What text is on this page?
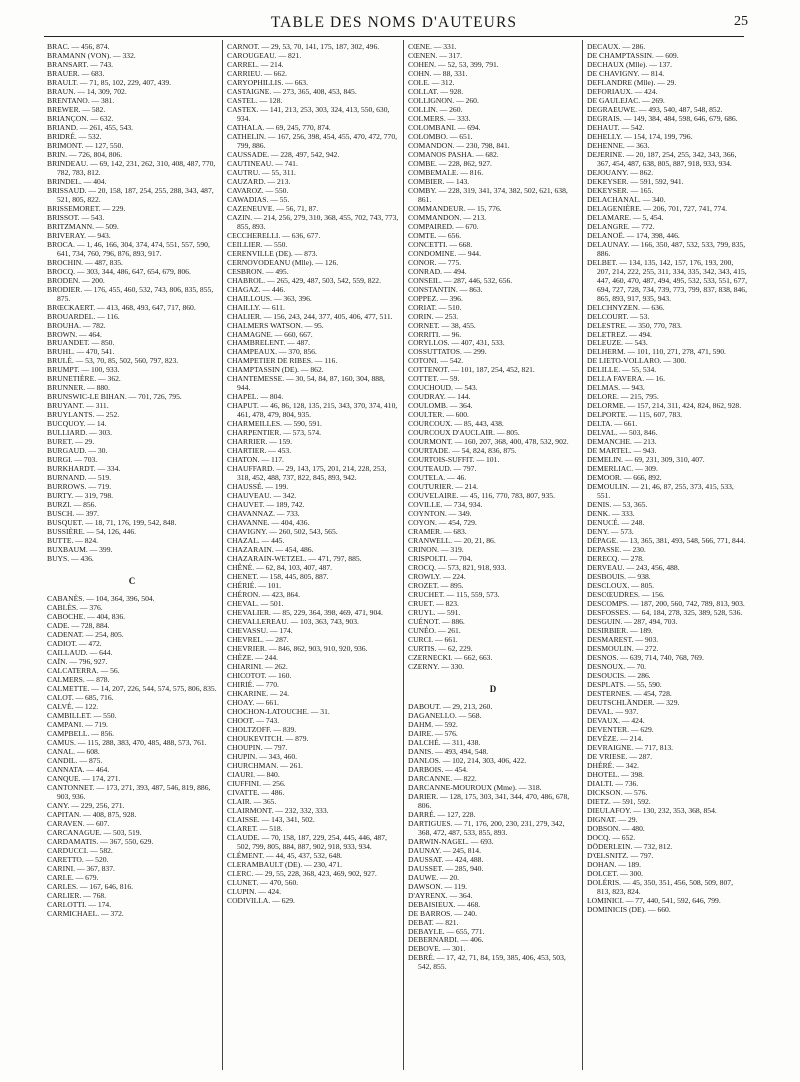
TABLE DES NOMS D'AUTEURS	25

BRAC. — 456, 874.

BRAMANN (VON). — 332.

BRANSART. — 743.

BRAUER. — 683.

BRAULT. — 71, 85, 102, 229, 407, 439.

BRAUN. — 14, 309, 702.

BRENTANO. — 381.

BREWER. — 582.

BRIANÇON. — 632.

BRIAND. — 261, 455, 543.

BRIDRÉ. — 532.

BRIMONT. — 127, 550.

BRIN. — 726, 804, 806.

BRINDEAU. — 69, 142, 231, 262, 310, 408, 487, 770, 782, 783, 812.

BRINDEL. — 404.

BRISSAUD. — 20, 158, 187, 254, 255, 288, 343, 487, 521, 805, 822.

BRISSEMORET. — 229.

BRISSOT. — 543.

BRITZMANN. — 509.

BRIVERAY. — 943.

BROCA. — 1, 46, 166, 304, 374, 474, 551, 557, 590, 641, 734, 760, 796, 876, 893, 917.

BROCHIN. — 487, 835.

BROCQ. — 303, 344, 486, 647, 654, 679, 806.

BRODEN. — 200.

BRODIER. — 176, 455, 460, 532, 743, 806, 835, 855, 875.

BRŒCKAERT. — 413, 468, 493, 647, 717, 860.

BROUARDEL. — 116.

BROUHA. — 782.

BROWN. — 464.

BRUANDET. — 850.

BRUHL. — 470, 541.

BRULÉ. — 53, 70, 85, 502, 560, 797, 823.

BRUMPT. — 100, 933.

BRUNETIÈRE. — 362.

BRUNNER. — 880.

BRUNSWIC-LE BIHAN. — 701, 726, 795.

BRUYANT. — 311.

BRUYLANTS. — 252.

BUCQUOY. — 14.

BULLIARD. — 303.

BURET. — 29.

BURGAUD. — 30.

BURGI. — 703.

BURKHARDT. — 334.

BURNAND. — 519.

BURROWS. — 719.

BURTY. — 319, 798.

BURZI. — 856.

BUSCH. — 397.

BUSQUET. — 18, 71, 176, 199, 542, 848.

BUSSIÈRE. — 54, 126, 446.

BUTTE. — 824.

BUXBAUM. — 399.

BUYS. — 436.

C

CABANÈS. — 104, 364, 396, 504.

CABLÈS. — 376.

CABOCHE. — 404, 836.

CADE. — 728, 884.

CADENAT. — 254, 805.

CADIOT. — 472.

CAILLAUD. — 644.

CAÏN. — 796, 927.

CALCATERRA. — 56.

CALMERS. — 878.

CALMETTE. — 14, 207, 226, 544, 574, 575, 806, 835.

CALOT. — 685, 716.

CALVÉ. — 122.

CAMBILLET. — 550.

CAMPANI. — 719.

CAMPBELL. — 856.

CAMUS. — 115, 288, 383, 470, 485, 488, 573, 761.

CANAL. — 608.

CANDIL. — 875.

CANNATA. — 464.

CANQUE. — 174, 271.

CANTONNET. — 173, 271, 393, 487, 546, 819, 886, 903, 936.

CANY. — 229, 256, 271.

CAPITAN. — 408, 875, 928.

CARAVEN. — 607.

CARCANAGUE. — 503, 519.

CARDAMATIS. — 367, 550, 629.

CARDUCCI. — 582.

CARETTO. — 520.

CARINI. — 367, 837.

CARLE. — 679.

CARLES. — 167, 646, 816.

CARLIER. — 768.

CARLOTTI. — 174.

CARMICHAEL. — 372.

CARNOT. — 29, 53, 70, 141, 175, 187, 302, 496.

CAROUGEAU. — 821.

CARREL. — 214.

CARRIEU. — 662.

CARYOPHILLIS. — 663.

CASTAIGNE. — 273, 365, 408, 453, 845.

CASTEL. — 128.

CASTEX. — 141, 213, 253, 303, 324, 413, 550, 630, 934.

CATHALA. — 69, 245, 770, 874.

CATHELIN. — 167, 256, 398, 454, 455, 470, 472, 770, 799, 886.

CAUSSADE. — 228, 497, 542, 942.

CAUTINEAU. — 741.

CAUTRU. — 55, 311.

CAUZARD. — 213.

CAVAROZ. — 550.

CAWADIAS. — 55.

CAZENEUVE. — 56, 71, 87.

CAZIN. — 214, 256, 279, 310, 368, 455, 702, 743, 773, 855, 893.

CECCHERELLI. — 636, 677.

CEILLIER. — 550.

CERENVILLE (DE). — 873.

CERNOVODEANU (Mlle). — 126.

CESBRON. — 495.

CHABROL. — 265, 429, 487, 503, 542, 559, 822.

CHAGAZ. — 446.

CHAILLOUS. — 363, 396.

CHAILLY. — 611.

CHALIER. — 156, 243, 244, 377, 405, 406, 477, 511.

CHALMERS WATSON. — 95.

CHAMAGNE. — 660, 667.

CHAMBRELENT. — 487.

CHAMPEAUX. — 370, 856.

CHAMPETIER DE RIBES. — 116.

CHAMPTASSIN (DE). — 862.

CHANTEMESSE. — 30, 54, 84, 87, 160, 304, 888, 944.

CHAPEL. — 804.

CHAPUT. — 46, 86, 128, 135, 215, 343, 370, 374, 410, 461, 478, 479, 804, 935.

CHARMEILLES. — 590, 591.

CHARPENTIER. — 573, 574.

CHARRIER. — 159.

CHARTIER. — 453.

CHATON. — 117.

CHAUFFARD. — 29, 143, 175, 201, 214, 228, 253, 318, 452, 488, 737, 822, 845, 893, 942.

CHAUSSÉ. — 199.

CHAUVEAU. — 342.

CHAUVET. — 189, 742.

CHAVANNAZ. — 733.

CHAVANNE. — 404, 436.

CHAVIGNY. — 260, 502, 543, 565.

CHAZAL. — 445.

CHAZARAIN. — 454, 486.

CHAZARAIN-WETZEL. — 471, 797, 885.

CHÊNÉ. — 62, 84, 103, 407, 487.

CHENET. — 158, 445, 805, 887.

CHÉRIÉ. — 101.

CHÉRON. — 423, 864.

CHEVAL. — 501.

CHEVALIER. — 85, 229, 364, 398, 469, 471, 904.

CHEVALLEREAU. — 103, 363, 743, 903.

CHEVASSU. — 174.

CHEVREL. — 287.

CHEVRIER. — 846, 862, 903, 910, 920, 936.

CHÈZE. — 244.

CHIARINI. — 262.

CHICOTOT. — 160.

CHIRIÉ. — 770.

CHKARINE. — 24.

CHOAY. — 661.

CHOCHON-LATOUCHE. — 31.

CHOOT. — 743.

CHOLTZOFF. — 839.

CHOUKEVITCH. — 879.

CHOUPIN. — 797.

CHUPIN. — 343, 460.

CHURCHMAN. — 261.

CIAURI. — 840.

CIUFFINI. — 256.

CIVATTE. — 486.

CLAIR. — 365.

CLAIRMONT. — 232, 332, 333.

CLAISSE. — 143, 341, 502.

CLARET. — 518.

CLAUDE. — 70, 158, 187, 229, 254, 445, 446, 487, 502, 799, 805, 884, 887, 902, 918, 933, 934.

CLÉMENT. — 44, 45, 437, 532, 648.

CLERAMBAULT (DE). — 230, 471.

CLERC. — 29, 55, 228, 368, 423, 469, 902, 927.

CLUNET. — 470, 560.

CLUPIN. — 424.

CODIVILLA. — 629.

CŒNE. — 331.

CŒNEN. — 317.

COHEN. — 52, 53, 399, 791.

COHN. — 88, 331.

COLE. — 312.

COLLAT. — 928.

COLLIGNON. — 260.

COLLIN. — 260.

COLMERS. — 333.

COLOMBANI. — 694.

COLOMBO. — 651.

COMANDON. — 230, 798, 841.

COMANOS PASHA. — 682.

COMBE. — 228, 862, 927.

COMBEMALE. — 816.

COMBIER. — 143.

COMBY. — 228, 319, 341, 374, 382, 502, 621, 638, 861.

COMMANDEUR. — 15, 776.

COMMANDON. — 213.

COMPAIRED. — 670.

COMTE. — 656.

CONCETTI. — 668.

CONDOMINE. — 944.

CONOR. — 775.

CONRAD. — 494.

CONSEIL. — 287, 446, 532, 656.

CONSTANTIN. — 863.

COPPEZ. — 396.

CORIAT. — 510.

CORIN. — 253.

CORNET. — 38, 455.

CORRITI. — 96.

CORYLLOS. — 407, 431, 533.

COSSUTTATOS. — 299.

COTONI. — 542.

COTTENOT. — 101, 187, 254, 452, 821.

COTTET. — 59.

COUCHOUD. — 543.

COUDRAY. — 144.

COULOMB. — 364.

COULTER. — 600.

COURCOUX. — 85, 443, 438.

COURCOUX D'AUCLAIR. — 805.

COURMONT. — 160, 207, 368, 400, 478, 532, 902.

COURTADE. — 54, 824, 836, 875.

COURTOIS-SUFFIT. — 101.

COUTEAUD. — 797.

COUTELA. — 46.

COUTURIER. — 214.

COUVELAIRE. — 45, 116, 770, 783, 807, 935.

COVILLE. — 734, 934.

COYNTON. — 349.

COYON. — 454, 729.

CRAMER. — 683.

CRANWELL. — 20, 21, 86.

CRINON. — 319.

CRISPOLTI. — 704.

CROCQ. — 573, 821, 918, 933.

CROWLY. — 224.

CROZET. — 895.

CRUCHET. — 115, 559, 573.

CRUET. — 823.

CRUYL. — 591.

CUÉNOT. — 886.

CUNÉO. — 261.

CURCI. — 661.

CURTIS. — 62, 229.

CZERNECKI. — 662, 663.

CZERNY. — 330.

D

DABOUT. — 29, 213, 260.

DAGANELLO. — 568.

DAHM. — 592.

DAIRE. — 576.

DALCHÉ. — 311, 438.

DANIS. — 493, 494, 548.

DANLOS. — 102, 214, 303, 406, 422.

DARBOIS. — 454.

DARCANNE. — 822.

DARCANNE-MOUROUX (Mme). — 318.

DARIER. — 128, 175, 303, 341, 344, 470, 486, 678, 806.

DARRÉ. — 127, 228.

DARTIGUES. — 71, 176, 200, 230, 231, 279, 342, 368, 472, 487, 533, 855, 893.

DARWIN-NAGEL. — 693.

DAUNAY. — 245, 814.

DAUSSAT. — 424, 488.

DAUSSET. — 285, 940.

DAUWE. — 20.

DAWSON. — 119.

D'AYRENX. — 364.

DEBAISIEUX. — 468.

DE BARROS. — 240.

DEBAT. — 821.

DEBAYLE. — 655, 771.

DEBERNARDI. — 406.

DEBOVE. — 301.

DEBRÉ. — 17, 42, 71, 84, 159, 385, 406, 453, 503, 542, 855.

DECAUX. — 286.

DE CHAMPTASSIN. — 609.

DECHAUX (Mlle). — 137.

DE CHAVIGNY. — 814.

DEFLANDRE (Mlle). — 29.

DEFORIAUX. — 424.

DE GAULEJAC. — 269.

DEGRAEUWE. — 493, 540, 487, 548, 852.

DEGRAIS. — 149, 384, 484, 598, 646, 679, 686.

DEHAUT. — 542.

DEHELLY. — 154, 174, 199, 796.

DEHENNE. — 363.

DEJERINE. — 20, 187, 254, 255, 342, 343, 366, 367, 454, 487, 638, 805, 887, 918, 933, 934.

DEJOUANY. — 862.

DEKEYSER. — 591, 592, 941.

DEKEYSER. — 165.

DELACHANAL. — 340.

DELAGENIÈRE. — 206, 701, 727, 741, 774.

DELAMARE. — 5, 454.

DELANGRE. — 772.

DELANOË. — 174, 398, 446.

DELAUNAY. — 166, 350, 487, 532, 533, 799, 835, 886.

DELBET. — 134, 135, 142, 157, 176, 193, 200, 207, 214, 222, 255, 311, 334, 335, 342, 343, 415, 447, 460, 470, 487, 494, 495, 532, 533, 551, 677, 694, 727, 728, 734, 739, 773, 799, 837, 838, 846, 865, 893, 917, 935, 943.

DELCHNYZEN. — 636.

DELCOURT. — 53.

DELESTRE. — 350, 770, 783.

DELETREZ. — 494.

DELEUZE. — 543.

DELHERM. — 101, 110, 271, 278, 471, 590.

DE LIETO-VOLLARO. — 300.

DELILLE. — 55, 534.

DELLA FAVERA. — 16.

DELMAS. — 943.

DELORE. — 215, 795.

DELORME. — 157, 214, 311, 424, 824, 862, 928.

DELPORTE. — 115, 607, 783.

DELTA. — 661.

DELVAL. — 503, 846.

DEMANCHE. — 213.

DE MARTEL. — 943.

DEMELIN. — 69, 231, 309, 310, 407.

DEMERLIAC. — 309.

DEMOOR. — 666, 892.

DEMOULIN. — 21, 46, 87, 255, 373, 415, 533, 551.

DENIS. — 53, 365.

DENK. — 333.

DENUCÉ. — 248.

DENY. — 573.

DÉPAGE. — 13, 365, 381, 493, 548, 566, 771, 844.

DEPASSE. — 230.

DERECQ. — 278.

DERVEAU. — 243, 456, 488.

DESBOUIS. — 938.

DESCLOUX. — 805.

DESCŒUDRES. — 156.

DESCOMPS. — 187, 200, 560, 742, 789, 813, 903.

DESFOSSES. — 64, 184, 278, 325, 389, 528, 536.

DESGUIN. — 287, 494, 703.

DESIRBIER. — 189.

DESMAREST. — 903.

DESMOULIN. — 272.

DESNOS. — 639, 714, 740, 768, 769.

DESNOUX. — 70.

DESOUCIS. — 286.

DESPLATS. — 55, 590.

DESTERNES. — 454, 728.

DEUTSCHLÄNDER. — 329.

DEVAL. — 937.

DEVAUX. — 424.

DEVENTER. — 629.

DEVÈZE. — 214.

DEVRAIGNE. — 717, 813.

DE VRIESE. — 287.

DHÉRÉ. — 342.

DHOTEL. — 398.

DIALTI. — 736.

DICKSON. — 576.

DIETZ. — 591, 592.

DIEULAFOY. — 130, 232, 353, 368, 854.

DIGNAT. — 29.

DOBSON. — 480.

DOCQ. — 652.

DÖDERLEIN. — 732, 812.

D'ŒLSNITZ. — 797.

DOHAN. — 189.

DOLCET. — 300.

DOLÉRIS. — 45, 350, 351, 456, 508, 509, 807, 813, 823, 824.

LOMINICI. — 77, 440, 541, 592, 646, 799.

DOMINICIS (DE). — 660.
